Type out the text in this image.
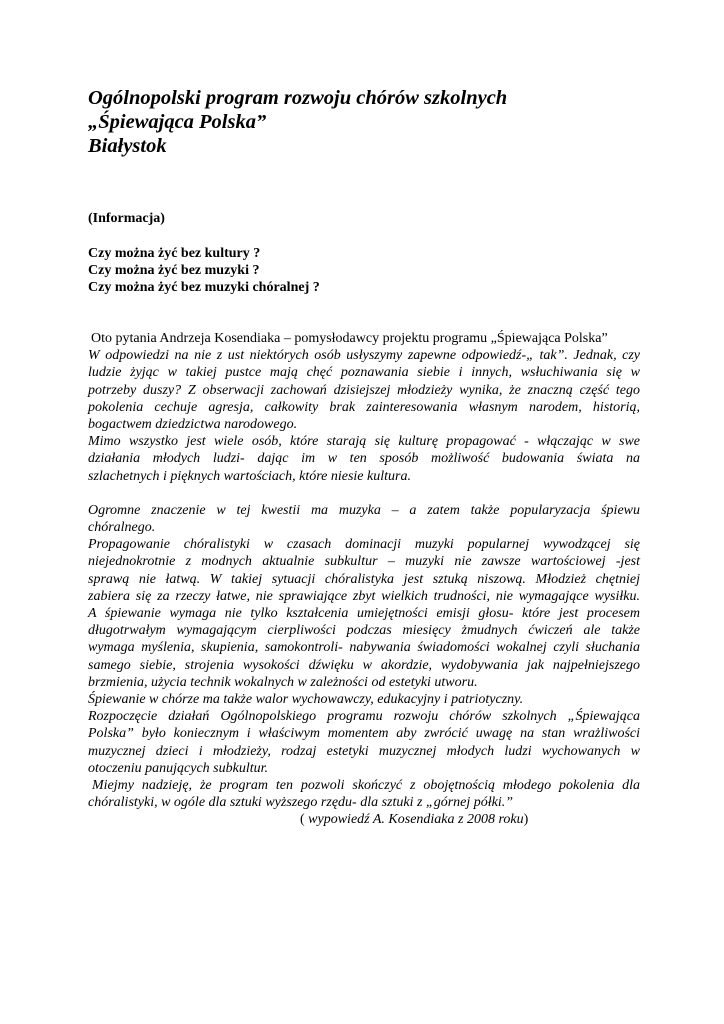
Ogólnopolski program rozwoju chórów szkolnych
„Śpiewająca Polska”
Białystok
(Informacja)
Czy można żyć bez kultury ?
Czy można żyć bez muzyki ?
Czy można żyć bez muzyki chóralnej ?
Oto pytania Andrzeja Kosendiaka – pomysłodawcy projektu programu „Śpiewająca Polska”
W odpowiedzi na nie z ust niektórych osób usłyszymy zapewne odpowiedź-„ tak”. Jednak, czy
ludzie żyjąc w takiej pustce mają chęć poznawania siebie i innych, wsłuchiwania się w
potrzeby duszy? Z obserwacji zachowań dzisiejszej młodzieży wynika, że znaczną część tego
pokolenia cechuje agresja, całkowity brak zainteresowania własnym narodem, historią,
bogactwem dziedzictwa narodowego.
Mimo wszystko jest wiele osób, które starają się kulturę propagować - włączając w swe
działania młodych ludzi- dając im w ten sposób możliwość budowania świata na
szlachetnych i pięknych wartościach, które niesie kultura.
Ogromne znaczenie w tej kwestii ma muzyka – a zatem także popularyzacja śpiewu
chóralnego.
Propagowanie chóralistyki w czasach dominacji muzyki popularnej wywodzącej się
niejednokrotnie z modnych aktualnie subkultur – muzyki nie zawsze wartościowej -jest
sprawą nie łatwą. W takiej sytuacji chóralistyka jest sztuką niszową. Młodzież chętniej
zabiera się za rzeczy łatwe, nie sprawiające zbyt wielkich trudności, nie wymagające wysiłku.
A śpiewanie wymaga nie tylko kształcenia umiejętności emisji głosu- które jest procesem
długotrwałym wymagającym cierpliwości podczas miesięcy żmudnych ćwiczeń ale także
wymaga myślenia, skupienia, samokontroli- nabywania świadomości wokalnej czyli słuchania
samego siebie, strojenia wysokości dźwięku w akordzie, wydobywania jak najpełniejszego
brzmienia, użycia technik wokalnych w zależności od estetyki utworu.
Śpiewanie w chórze ma także walor wychowawczy, edukacyjny i patriotyczny.
Rozpoczęcie działań Ogólnopolskiego programu rozwoju chórów szkolnych „Śpiewająca
Polska” było koniecznym i właściwym momentem aby zwrócić uwagę na stan wrażliwości
muzycznej dzieci i młodzieży, rodzaj estetyki muzycznej młodych ludzi wychowanych w
otoczeniu panujących subkultur.
Miejmy nadzieję, że program ten pozwoli skończyć z obojętnością młodego pokolenia dla
chóralistyki, w ogóle dla sztuki wyższego rzędu- dla sztuki z „górnej półki.”
( wypowiedź A. Kosendiaka z 2008 roku)
